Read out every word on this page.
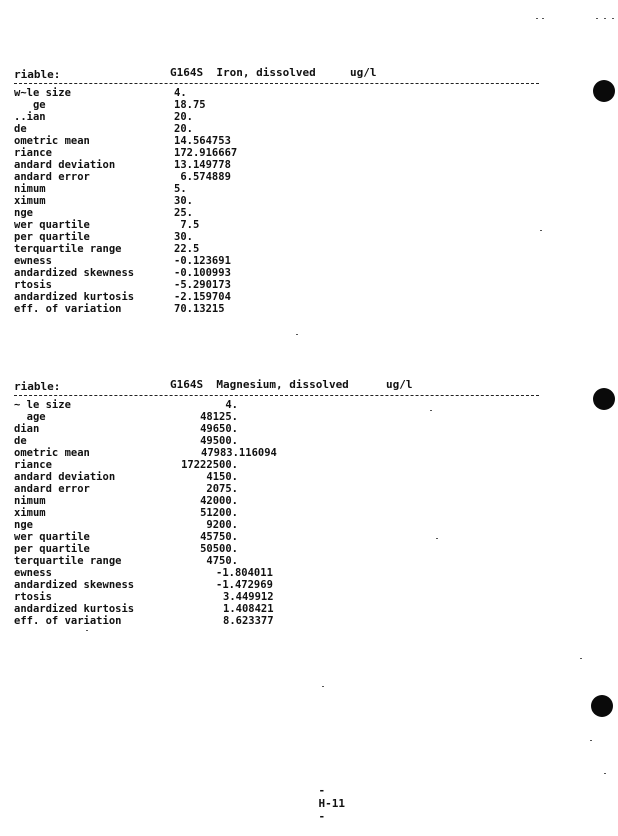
riable:	G164S  Iron, dissolved	ug/l
w~le size	4.
ge	18.75
..ian	20.
de	20.
ometric mean	14.564753
riance	172.916667
andard deviation	13.149778
andard error	6.574889
nimum	5.
ximum	30.
nge	25.
wer quartile	7.5
per quartile	30.
terquartile range	22.5
ewness	-0.123691
andardized skewness	-0.100993
rtosis	-5.290173
andardized kurtosis	-2.159704
eff. of variation	70.13215
riable:	G164S  Magnesium, dissolved	ug/l
~ le size	4.
age	48125.
dian	49650.
de	49500.
ometric mean	47983.116094
riance	17222500.
andard deviation	4150.
andard error	2075.
nimum	42000.
ximum	51200.
nge	9200.
wer quartile	45750.
per quartile	50500.
terquartile range	4750.
ewness	-1.804011
andardized skewness	-1.472969
rtosis	3.449912
andardized kurtosis	1.408421
eff. of variation	8.623377

-
H-11
-
